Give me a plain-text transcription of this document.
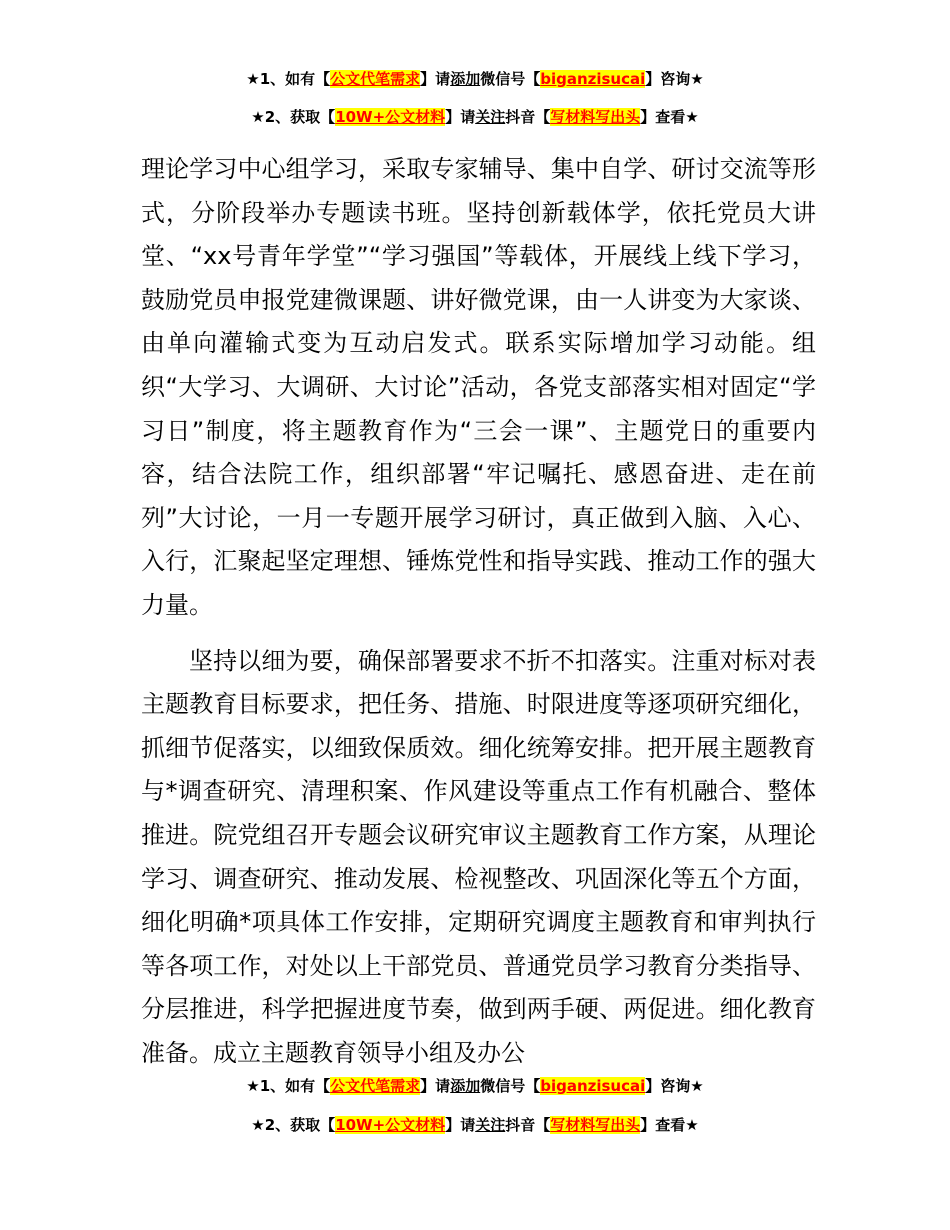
★1、如有【公文代笔需求】请添加微信号【biganzisucai】咨询★
★2、获取【10W+公文材料】请关注抖音【写材料写出头】查看★

理论学习中心组学习，采取专家辅导、集中自学、研讨交流等形式，分阶段举办专题读书班。坚持创新载体学，依托党员大讲堂、“xx号青年学堂”“学习强国”等载体，开展线上线下学习，鼓励党员申报党建微课题、讲好微党课，由一人讲变为大家谈、由单向灌输式变为互动启发式。联系实际增加学习动能。组织“大学习、大调研、大讨论”活动，各党支部落实相对固定“学习日”制度，将主题教育作为“三会一课”、主题党日的重要内容，结合法院工作，组织部署“牢记嘱托、感恩奋进、走在前列”大讨论，一月一专题开展学习研讨，真正做到入脑、入心、入行，汇聚起坚定理想、锤炼党性和指导实践、推动工作的强大力量。

坚持以细为要，确保部署要求不折不扣落实。注重对标对表主题教育目标要求，把任务、措施、时限进度等逐项研究细化，抓细节促落实，以细致保质效。细化统筹安排。把开展主题教育与*调查研究、清理积案、作风建设等重点工作有机融合、整体推进。院党组召开专题会议研究审议主题教育工作方案，从理论学习、调查研究、推动发展、检视整改、巩固深化等五个方面，细化明确*项具体工作安排，定期研究调度主题教育和审判执行等各项工作，对处以上干部党员、普通党员学习教育分类指导、分层推进，科学把握进度节奏，做到两手硬、两促进。细化教育准备。成立主题教育领导小组及办公

★1、如有【公文代笔需求】请添加微信号【biganzisucai】咨询★
★2、获取【10W+公文材料】请关注抖音【写材料写出头】查看★
